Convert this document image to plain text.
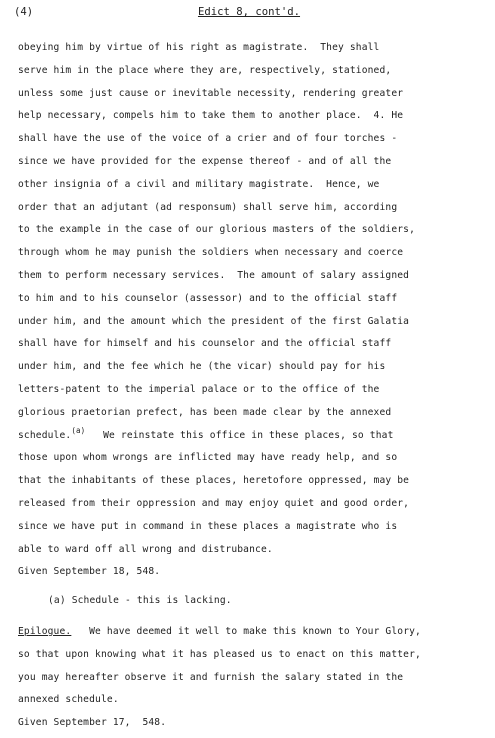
(4)	Edict 8, cont'd.
obeying him by virtue of his right as magistrate.  They shall
serve him in the place where they are, respectively, stationed,
unless some just cause or inevitable necessity, rendering greater
help necessary, compels him to take them to another place.  4. He
shall have the use of the voice of a crier and of four torches -
since we have provided for the expense thereof - and of all the
other insignia of a civil and military magistrate.  Hence, we
order that an adjutant (ad responsum) shall serve him, according
to the example in the case of our glorious masters of the soldiers,
through whom he may punish the soldiers when necessary and coerce
them to perform necessary services.  The amount of salary assigned
to him and to his counselor (assessor) and to the official staff
under him, and the amount which the president of the first Galatia
shall have for himself and his counselor and the official staff
under him, and the fee which he (the vicar) should pay for his
letters-patent to the imperial palace or to the office of the
glorious praetorian prefect, has been made clear by the annexed
schedule.$^{(a)}$   We reinstate this office in these places, so that
those upon whom wrongs are inflicted may have ready help, and so
that the inhabitants of these places, heretofore oppressed, may be
released from their oppression and may enjoy quiet and good order,
since we have put in command in these places a magistrate who is
able to ward off all wrong and distrubance.
Given September 18, 548.
(a) Schedule - this is lacking.
Epilogue.   We have deemed it well to make this known to Your Glory,
so that upon knowing what it has pleased us to enact on this matter,
you may hereafter observe it and furnish the salary stated in the
annexed schedule.
Given September 17,  548.
